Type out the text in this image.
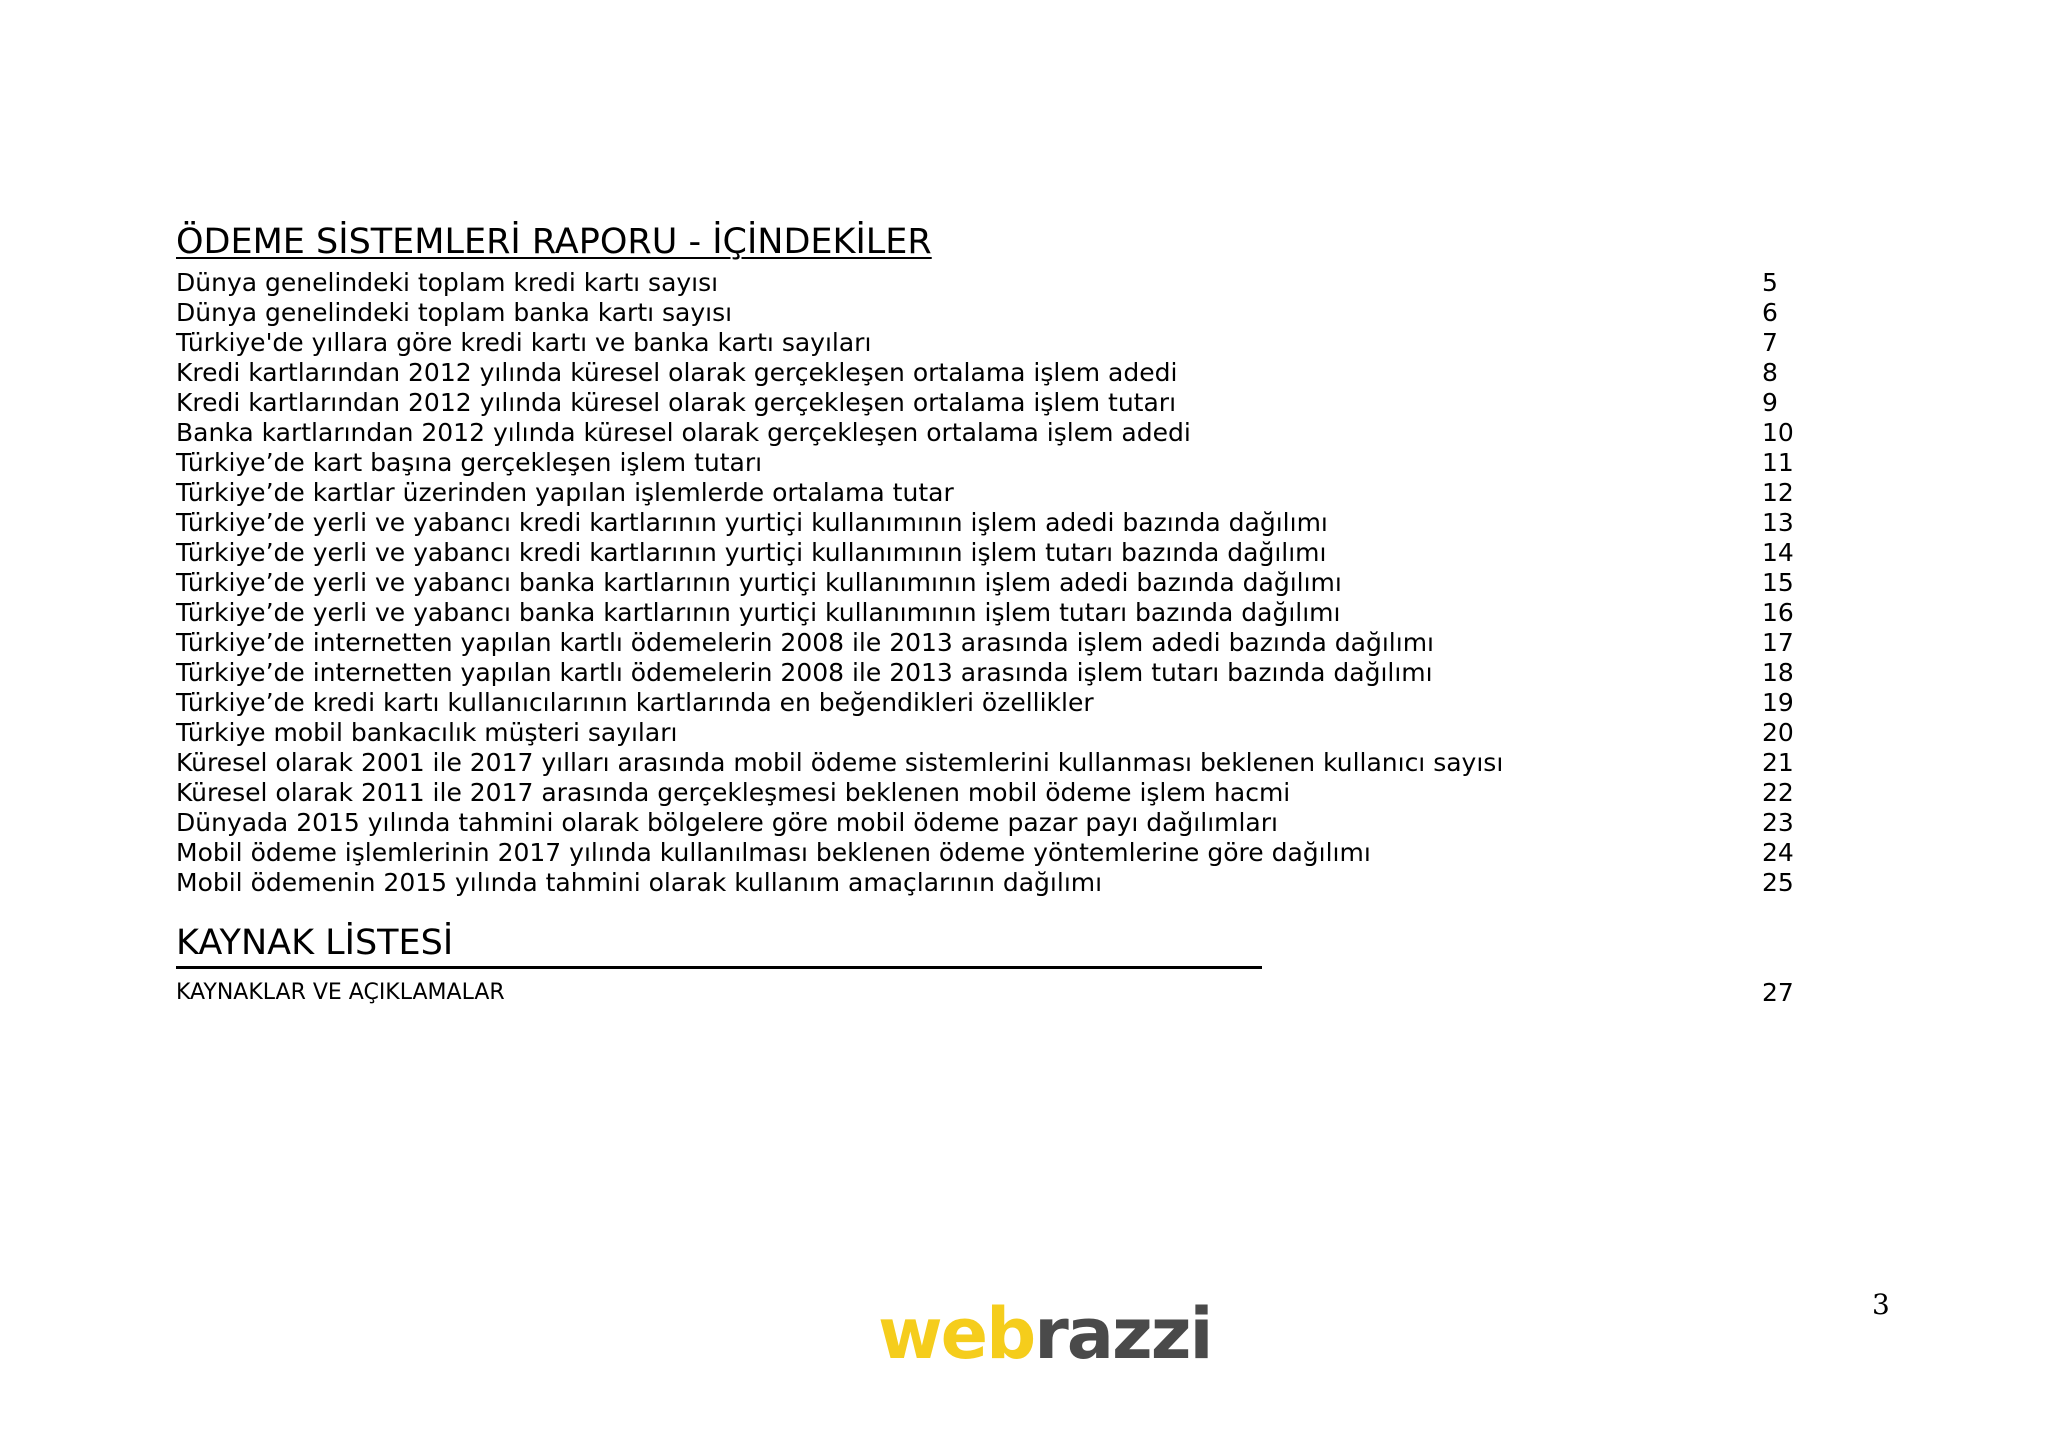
ÖDEME SİSTEMLERİ RAPORU - İÇİNDEKİLER
Dünya genelindeki toplam kredi kartı sayısı	5
Dünya genelindeki toplam banka kartı sayısı	6
Türkiye'de yıllara göre kredi kartı ve banka kartı sayıları	7
Kredi kartlarından 2012 yılında küresel olarak gerçekleşen ortalama işlem adedi	8
Kredi kartlarından 2012 yılında küresel olarak gerçekleşen ortalama işlem tutarı	9
Banka kartlarından 2012 yılında küresel olarak gerçekleşen ortalama işlem adedi	10
Türkiye’de kart başına gerçekleşen işlem tutarı	11
Türkiye’de kartlar üzerinden yapılan işlemlerde ortalama tutar	12
Türkiye’de yerli ve yabancı kredi kartlarının yurtiçi kullanımının işlem adedi bazında dağılımı	13
Türkiye’de yerli ve yabancı kredi kartlarının yurtiçi kullanımının işlem tutarı bazında dağılımı	14
Türkiye’de yerli ve yabancı banka kartlarının yurtiçi kullanımının işlem adedi bazında dağılımı	15
Türkiye’de yerli ve yabancı banka kartlarının yurtiçi kullanımının işlem tutarı bazında dağılımı	16
Türkiye’de internetten yapılan kartlı ödemelerin 2008 ile 2013 arasında işlem adedi bazında dağılımı	17
Türkiye’de internetten yapılan kartlı ödemelerin 2008 ile 2013 arasında işlem tutarı bazında dağılımı	18
Türkiye’de kredi kartı kullanıcılarının kartlarında en beğendikleri özellikler	19
Türkiye mobil bankacılık müşteri sayıları	20
Küresel olarak 2001 ile 2017 yılları arasında mobil ödeme sistemlerini kullanması beklenen kullanıcı sayısı	21
Küresel olarak 2011 ile 2017 arasında gerçekleşmesi beklenen mobil ödeme işlem hacmi	22
Dünyada 2015 yılında tahmini olarak bölgelere göre mobil ödeme pazar payı dağılımları	23
Mobil ödeme işlemlerinin 2017 yılında kullanılması beklenen ödeme yöntemlerine göre dağılımı	24
Mobil ödemenin 2015 yılında tahmini olarak kullanım amaçlarının dağılımı	25
KAYNAK LİSTESİ
KAYNAKLAR VE AÇIKLAMALAR	27
3
webrazzi
